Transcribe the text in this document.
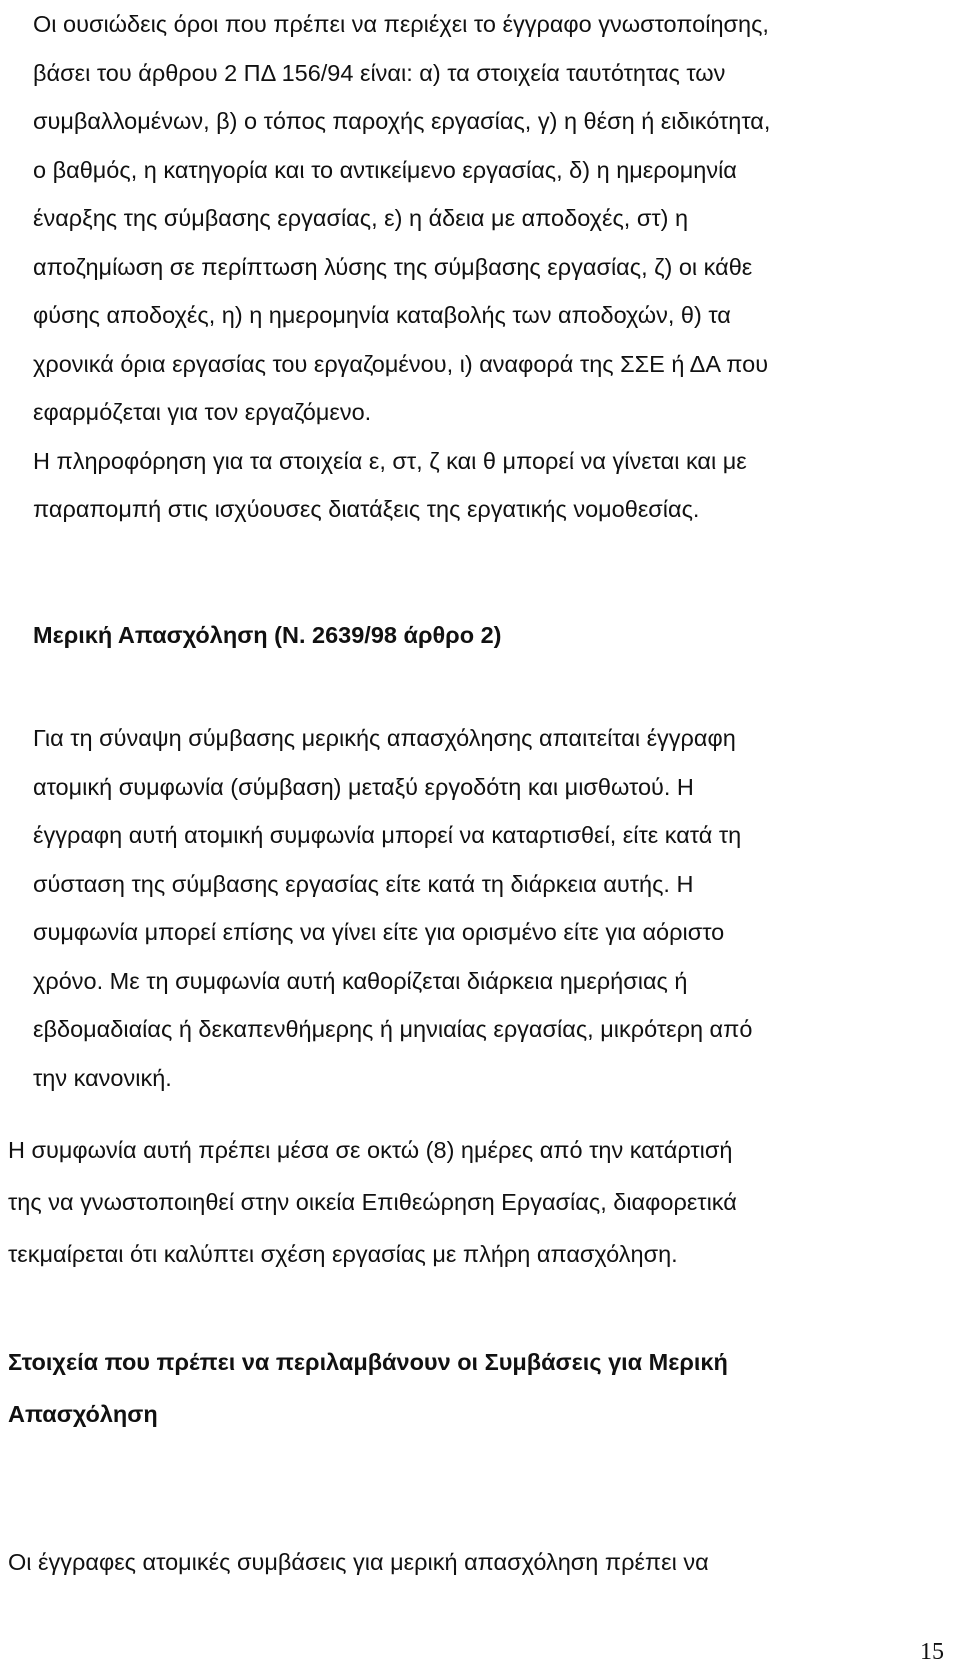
Οι ουσιώδεις όροι που πρέπει να περιέχει το έγγραφο γνωστοποίησης,
βάσει του άρθρου 2 ΠΔ 156/94 είναι: α) τα στοιχεία ταυτότητας των
συμβαλλομένων, β) ο τόπος παροχής εργασίας, γ) η θέση ή ειδικότητα,
ο βαθμός, η κατηγορία και το αντικείμενο εργασίας, δ) η ημερομηνία
έναρξης της σύμβασης εργασίας, ε) η άδεια με αποδοχές, στ) η
αποζημίωση σε περίπτωση λύσης της σύμβασης εργασίας, ζ) οι κάθε
φύσης αποδοχές, η) η ημερομηνία καταβολής των αποδοχών, θ) τα
χρονικά όρια εργασίας του εργαζομένου, ι) αναφορά της ΣΣΕ ή ΔΑ που
εφαρμόζεται για τον εργαζόμενο.
Η πληροφόρηση για τα στοιχεία ε, στ, ζ και θ μπορεί να γίνεται και με
παραπομπή στις ισχύουσες διατάξεις της εργατικής νομοθεσίας.
Μερική Απασχόληση (Ν. 2639/98 άρθρο 2)
Για τη σύναψη σύμβασης μερικής απασχόλησης απαιτείται έγγραφη
ατομική συμφωνία (σύμβαση) μεταξύ εργοδότη και μισθωτού. Η
έγγραφη αυτή ατομική συμφωνία μπορεί να καταρτισθεί, είτε κατά τη
σύσταση της σύμβασης εργασίας είτε κατά τη διάρκεια αυτής. Η
συμφωνία μπορεί επίσης να γίνει είτε για ορισμένο είτε για αόριστο
χρόνο. Με τη συμφωνία αυτή καθορίζεται διάρκεια ημερήσιας ή
εβδομαδιαίας ή δεκαπενθήμερης ή μηνιαίας εργασίας, μικρότερη από
την κανονική.
Η συμφωνία αυτή πρέπει μέσα σε οκτώ (8) ημέρες από την κατάρτισή
της να γνωστοποιηθεί στην οικεία Επιθεώρηση Εργασίας, διαφορετικά
τεκμαίρεται ότι καλύπτει σχέση εργασίας με πλήρη απασχόληση.
Στοιχεία που πρέπει να περιλαμβάνουν οι Συμβάσεις για Μερική
Απασχόληση
Οι έγγραφες ατομικές συμβάσεις για μερική απασχόληση πρέπει να
15
